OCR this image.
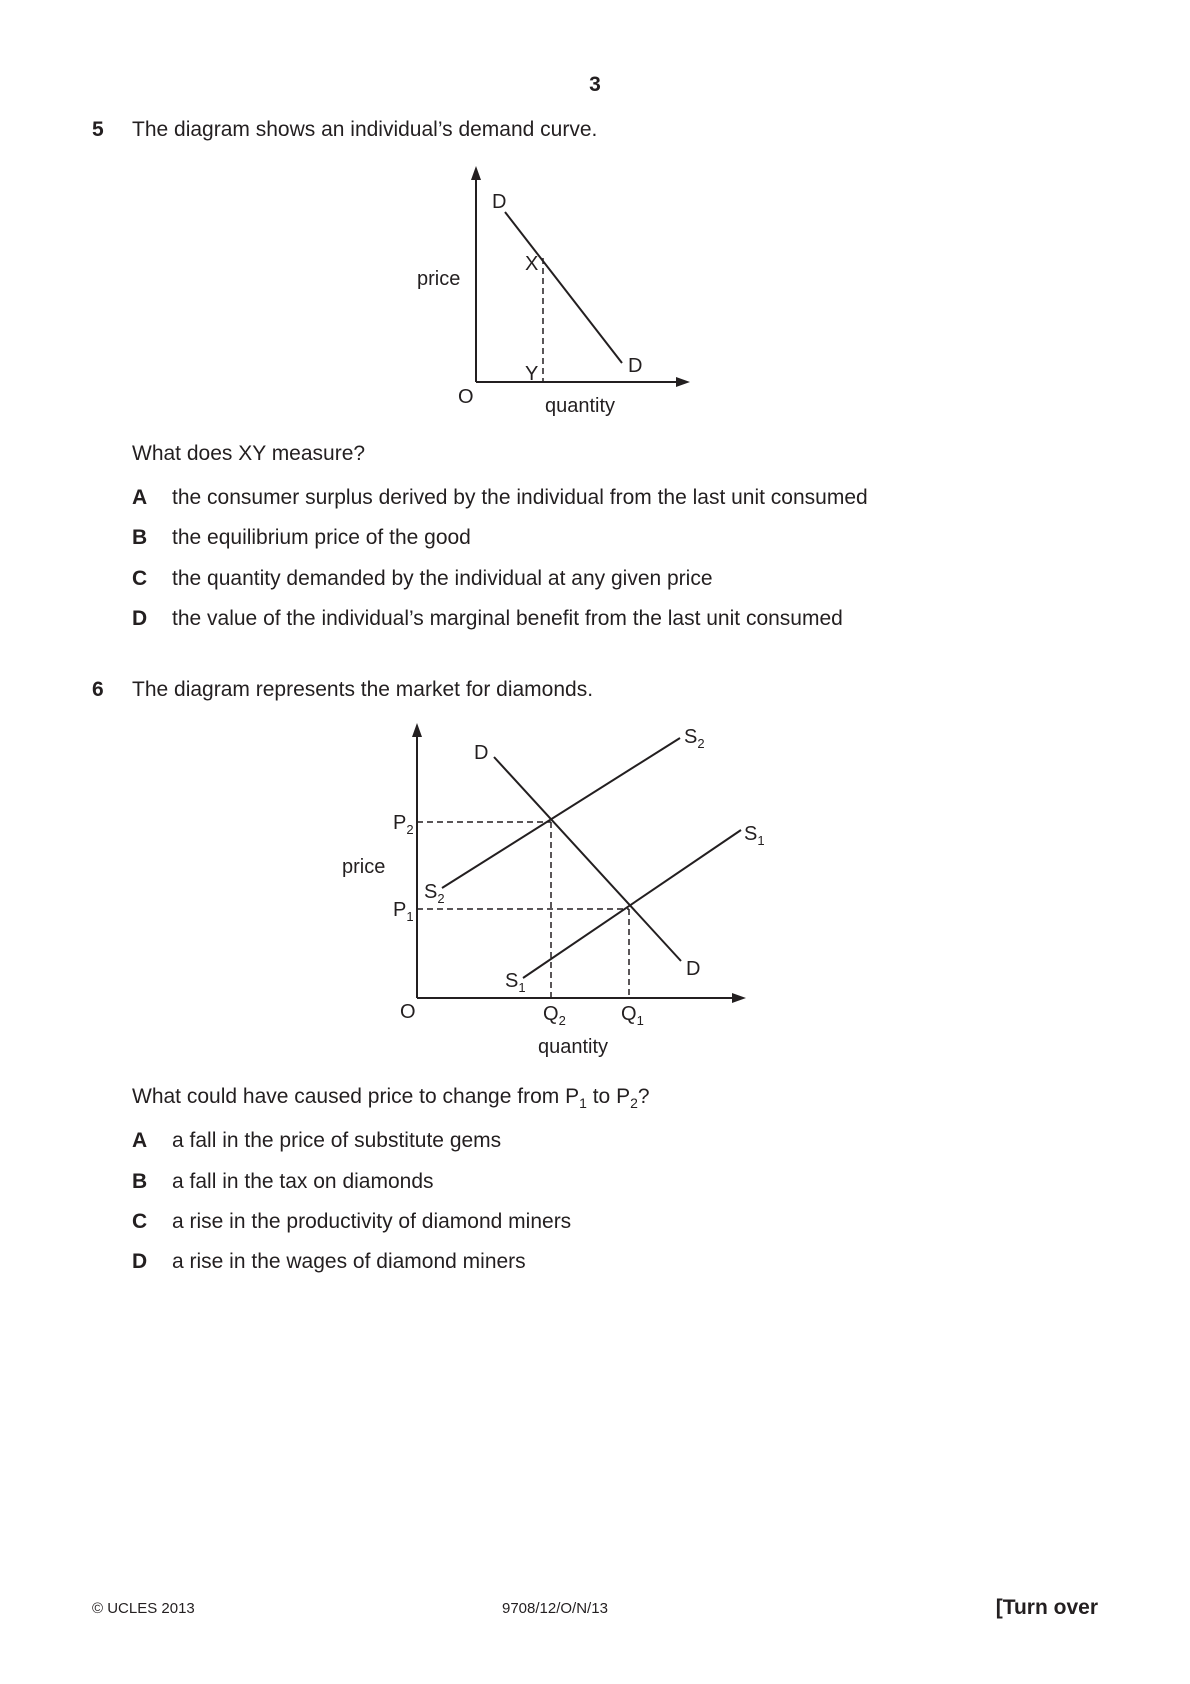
3
5 The diagram shows an individual’s demand curve.
price
quantity
O
D
D
X
Y
What does XY measure?
A the consumer surplus derived by the individual from the last unit consumed
B the equilibrium price of the good
C the quantity demanded by the individual at any given price
D the value of the individual’s marginal benefit from the last unit consumed
6 The diagram represents the market for diamonds.
price
quantity
O
D
D
$S_2$
$S_2$
$S_1$
$S_1$
$P_2$
$P_1$
$Q_2$	$Q_1$
What could have caused price to change from $P_1$ to $P_2$?
A a fall in the price of substitute gems
B a fall in the tax on diamonds
C a rise in the productivity of diamond miners
D a rise in the wages of diamond miners
© UCLES 2013	9708/12/O/N/13	[Turn over
